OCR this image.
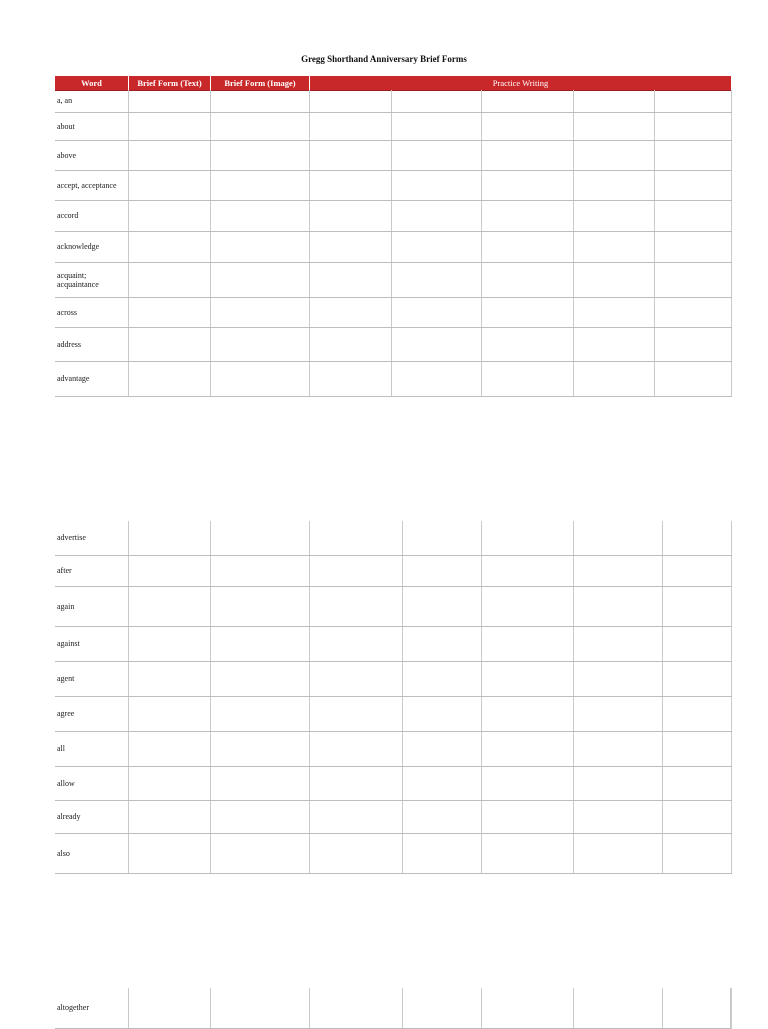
Gregg Shorthand Anniversary Brief Forms
Word	Brief Form (Text)	Brief Form (Image)	Practice Writing
a, an							
about							
above							
accept, acceptance							
accord							
acknowledge							
acquaint; acquaintance							
across							
address							
advantage							
advertise							
after							
again							
against							
agent							
agree							
all							
allow							
already							
also							
altogether							
